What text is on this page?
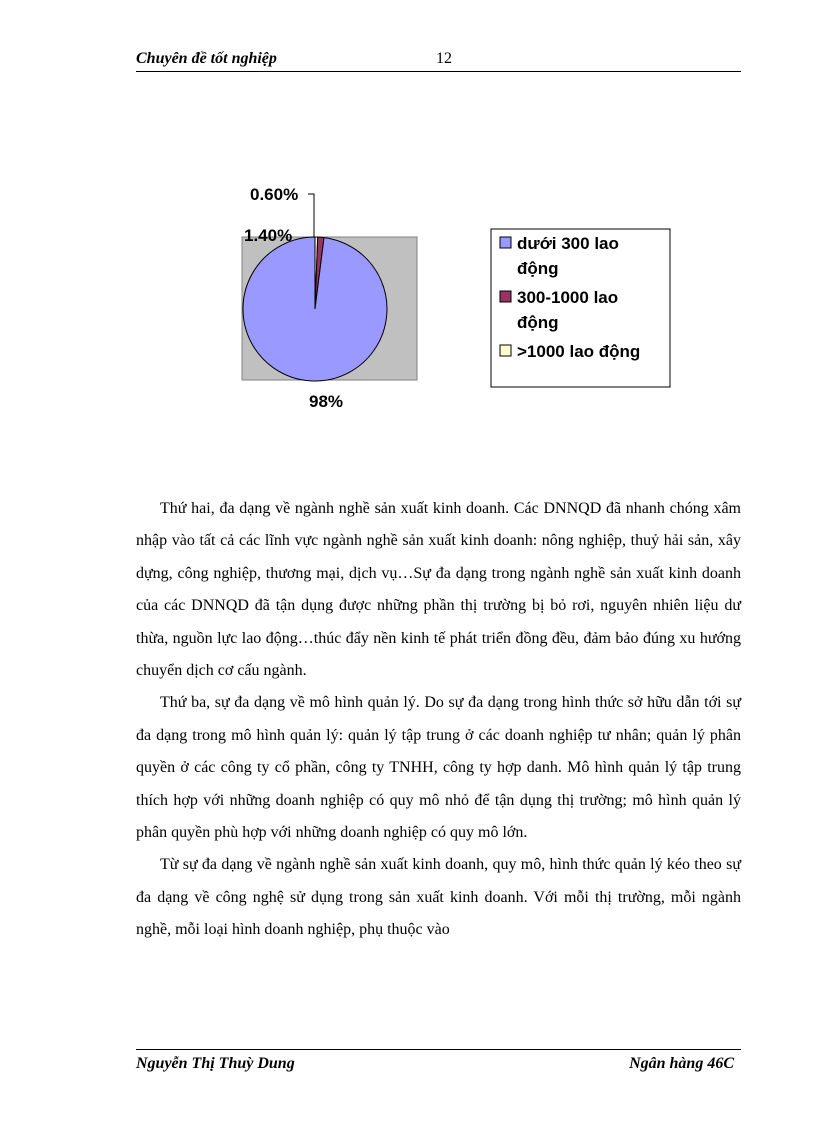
Chuyên đề tốt nghiệp	12
98%
1.40%
0.60%
dưới 300 lao động
300-1000 lao động
>1000 lao động

Thứ hai, đa dạng về ngành nghề sản xuất kinh doanh. Các DNNQD đã nhanh chóng xâm nhập vào tất cả các lĩnh vực ngành nghề sản xuất kinh doanh: nông nghiệp, thuỷ hải sản, xây dựng, công nghiệp, thương mại, dịch vụ…Sự đa dạng trong ngành nghề sản xuất kinh doanh của các DNNQD đã tận dụng được những phần thị trường bị bỏ rơi, nguyên nhiên liệu dư thừa, nguồn lực lao động…thúc đẩy nền kinh tế phát triển đồng đều, đảm bảo đúng xu hướng chuyển dịch cơ cấu ngành.

Thứ ba, sự đa dạng về mô hình quản lý. Do sự đa dạng trong hình thức sở hữu dẫn tới sự đa dạng trong mô hình quản lý: quản lý tập trung ở các doanh nghiệp tư nhân; quản lý phân quyền ở các công ty cổ phần, công ty TNHH, công ty hợp danh. Mô hình quản lý tập trung thích hợp với những doanh nghiệp có quy mô nhỏ để tận dụng thị trường; mô hình quản lý phân quyền phù hợp với những doanh nghiệp có quy mô lớn.

Từ sự đa dạng về ngành nghề sản xuất kinh doanh, quy mô, hình thức quản lý kéo theo sự đa dạng về công nghệ sử dụng trong sản xuất kinh doanh. Với mỗi thị trường, mỗi ngành nghề, mỗi loại hình doanh nghiệp, phụ thuộc vào

Nguyễn Thị Thuỳ Dung	Ngân hàng 46C
